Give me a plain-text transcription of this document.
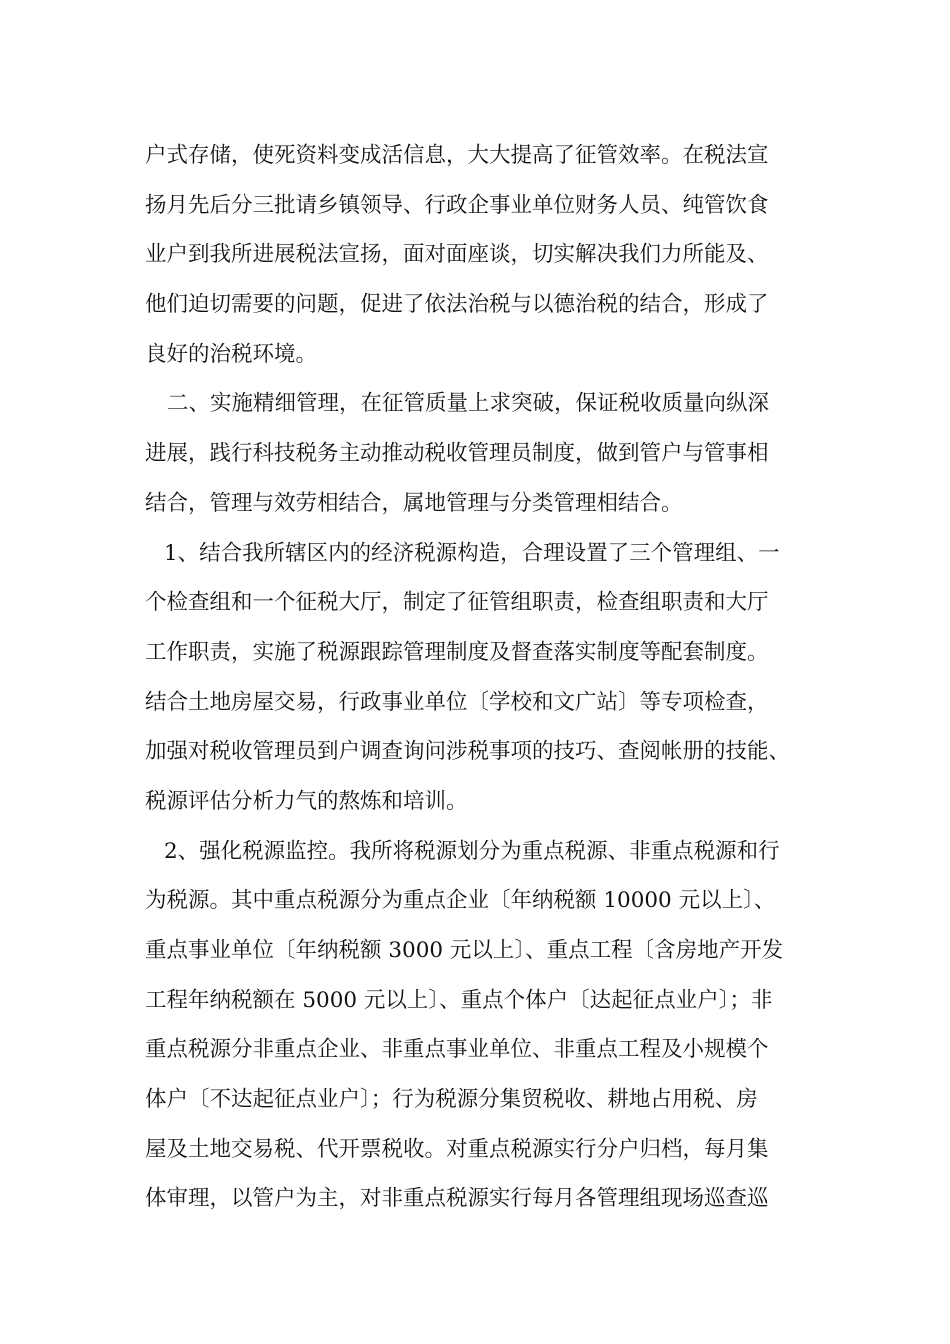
户式存储，使死资料变成活信息，大大提高了征管效率。在税法宣
扬月先后分三批请乡镇领导、行政企事业单位财务人员、纯管饮食
业户到我所进展税法宣扬，面对面座谈，切实解决我们力所能及、
他们迫切需要的问题，促进了依法治税与以德治税的结合，形成了
良好的治税环境。
二、实施精细管理，在征管质量上求突破，保证税收质量向纵深
进展，践行科技税务主动推动税收管理员制度，做到管户与管事相
结合，管理与效劳相结合，属地管理与分类管理相结合。
1、结合我所辖区内的经济税源构造，合理设置了三个管理组、一
个检查组和一个征税大厅，制定了征管组职责，检查组职责和大厅
工作职责，实施了税源跟踪管理制度及督查落实制度等配套制度。
结合土地房屋交易，行政事业单位〔学校和文广站〕等专项检查，
加强对税收管理员到户调查询问涉税事项的技巧、查阅帐册的技能、
税源评估分析力气的熬炼和培训。
2、强化税源监控。我所将税源划分为重点税源、非重点税源和行
为税源。其中重点税源分为重点企业〔年纳税额 10000 元以上〕、
重点事业单位〔年纳税额 3000 元以上〕、重点工程〔含房地产开发
工程年纳税额在 5000 元以上〕、重点个体户〔达起征点业户〕；非
重点税源分非重点企业、非重点事业单位、非重点工程及小规模个
体户〔不达起征点业户〕；行为税源分集贸税收、耕地占用税、房
屋及土地交易税、代开票税收。对重点税源实行分户归档，每月集
体审理，以管户为主，对非重点税源实行每月各管理组现场巡查巡
